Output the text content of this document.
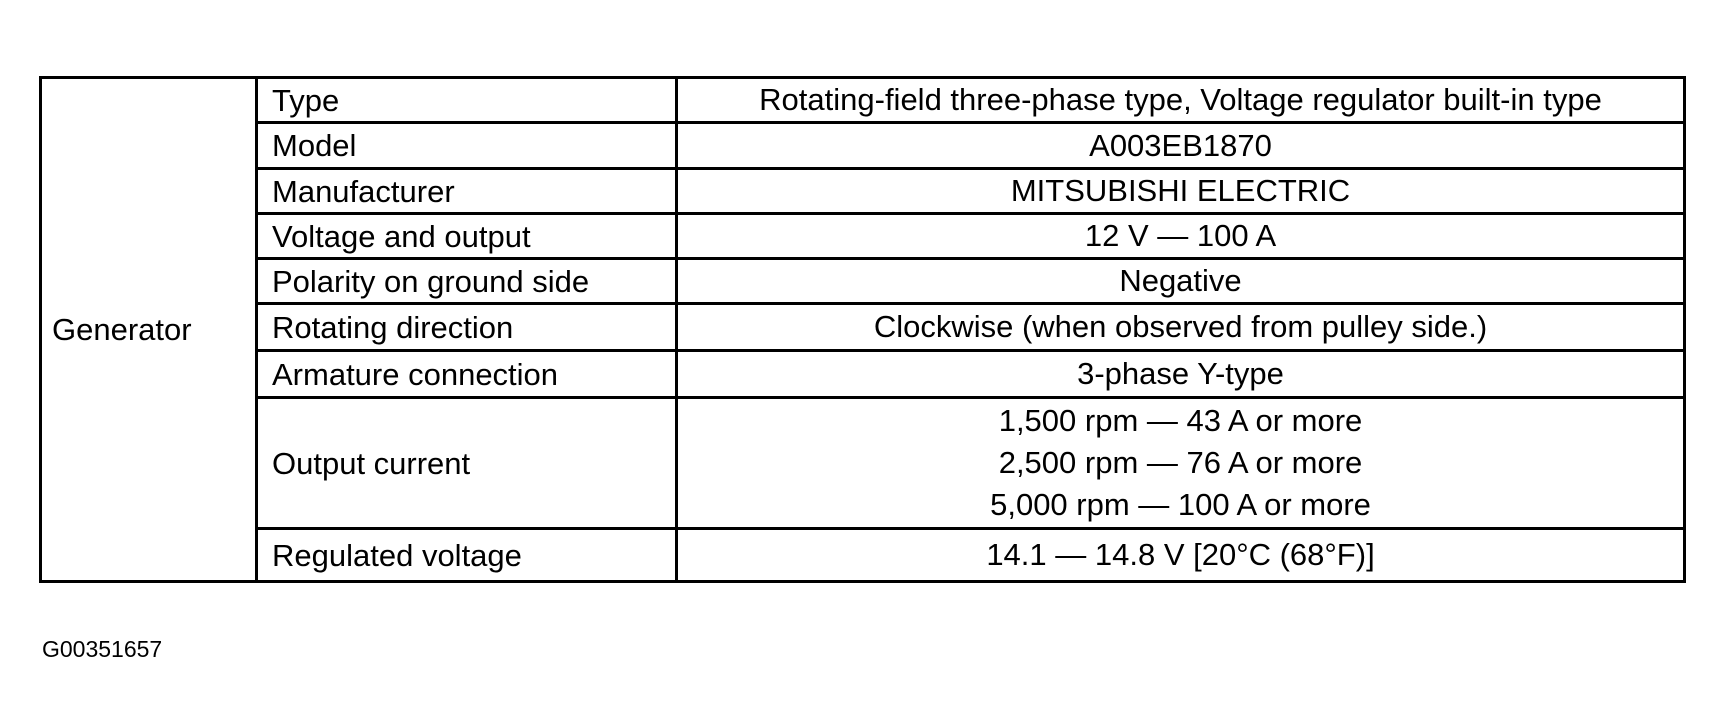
Generator	Type	Rotating-field three-phase type, Voltage regulator built-in type

	Model	A003EB1870

	Manufacturer	MITSUBISHI ELECTRIC

	Voltage and output	12 V — 100 A

	Polarity on ground side	Negative

	Rotating direction	Clockwise (when observed from pulley side.)

	Armature connection	3-phase Y-type

	Output current	1,500 rpm — 43 A or more
2,500 rpm — 76 A or more
5,000 rpm — 100 A or more

	Regulated voltage	14.1 — 14.8 V [20°C (68°F)]
G00351657
